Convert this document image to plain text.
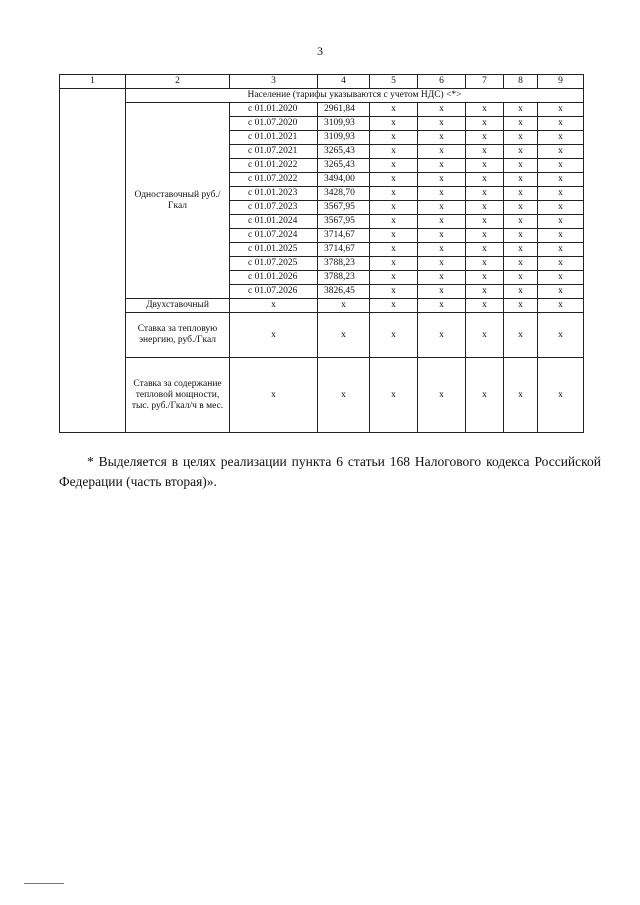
3
1	2	3	4	5	6	7	8	9
	Население (тарифы указываются с учетом НДС) <*>							
	Одноставочный руб./Гкал	с 01.01.2020	2961,84	х	х	х	х	х
		с 01.07.2020	3109,93	х	х	х	х	х
		с 01.01.2021	3109,93	х	х	х	х	х
		с 01.07.2021	3265,43	х	х	х	х	х
		с 01.01.2022	3265,43	х	х	х	х	х
		с 01.07.2022	3494,00	х	х	х	х	х
		с 01.01.2023	3428,70	х	х	х	х	х
		с 01.07.2023	3567,95	х	х	х	х	х
		с 01.01.2024	3567,95	х	х	х	х	х
		с 01.07.2024	3714,67	х	х	х	х	х
		с 01.01.2025	3714,67	х	х	х	х	х
		с 01.07.2025	3788,23	х	х	х	х	х
		с 01.01.2026	3788,23	х	х	х	х	х
		с 01.07.2026	3826,45	х	х	х	х	х
	Двухставочный	х	х	х	х	х	х	х
	Ставка за тепловую энергию, руб./Гкал	х	х	х	х	х	х	х
	Ставка за содержание тепловой мощности, тыс. руб./Гкал/ч в мес.	х	х	х	х	х	х	х
* Выделяется в целях реализации пункта 6 статьи 168 Налогового кодекса Российской Федерации (часть вторая)».
